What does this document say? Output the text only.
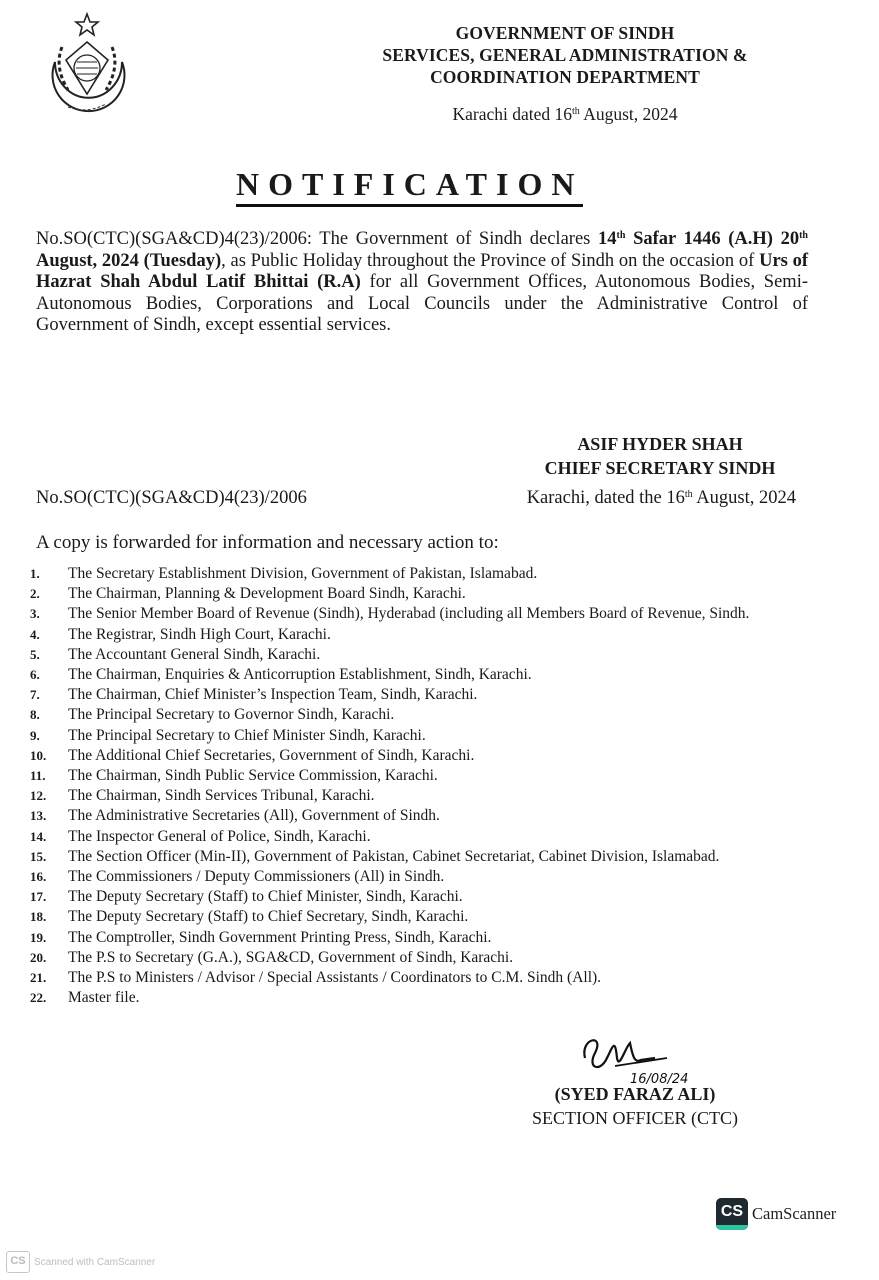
GOVERNMENT OF SINDH
SERVICES, GENERAL ADMINISTRATION &
COORDINATION DEPARTMENT
Karachi dated 16th August, 2024
NOTIFICATION
No.SO(CTC)(SGA&CD)4(23)/2006: The Government of Sindh declares 14th Safar 1446 (A.H) 20th August, 2024 (Tuesday), as Public Holiday throughout the Province of Sindh on the occasion of Urs of Hazrat Shah Abdul Latif Bhittai (R.A) for all Government Offices, Autonomous Bodies, Semi-Autonomous Bodies, Corporations and Local Councils under the Administrative Control of Government of Sindh, except essential services.
ASIF HYDER SHAH
CHIEF SECRETARY SINDH
No.SO(CTC)(SGA&CD)4(23)/2006	Karachi, dated the 16th August, 2024
A copy is forwarded for information and necessary action to:
1.	The Secretary Establishment Division, Government of Pakistan, Islamabad.
2.	The Chairman, Planning & Development Board Sindh, Karachi.
3.	The Senior Member Board of Revenue (Sindh), Hyderabad (including all Members Board of Revenue, Sindh.
4.	The Registrar, Sindh High Court, Karachi.
5.	The Accountant General Sindh, Karachi.
6.	The Chairman, Enquiries & Anticorruption Establishment, Sindh, Karachi.
7.	The Chairman, Chief Minister’s Inspection Team, Sindh, Karachi.
8.	The Principal Secretary to Governor Sindh, Karachi.
9.	The Principal Secretary to Chief Minister Sindh, Karachi.
10.	The Additional Chief Secretaries, Government of Sindh, Karachi.
11.	The Chairman, Sindh Public Service Commission, Karachi.
12.	The Chairman, Sindh Services Tribunal, Karachi.
13.	The Administrative Secretaries (All), Government of Sindh.
14.	The Inspector General of Police, Sindh, Karachi.
15.	The Section Officer (Min-II), Government of Pakistan, Cabinet Secretariat, Cabinet Division, Islamabad.
16.	The Commissioners / Deputy Commissioners (All) in Sindh.
17.	The Deputy Secretary (Staff) to Chief Minister, Sindh, Karachi.
18.	The Deputy Secretary (Staff) to Chief Secretary, Sindh, Karachi.
19.	The Comptroller, Sindh Government Printing Press, Sindh, Karachi.
20.	The P.S to Secretary (G.A.), SGA&CD, Government of Sindh, Karachi.
21.	The P.S to Ministers / Advisor / Special Assistants / Coordinators to C.M. Sindh (All).
22.	Master file.
16/08/24
(SYED FARAZ ALI)
SECTION OFFICER (CTC)
CS CamScanner
CS Scanned with CamScanner
